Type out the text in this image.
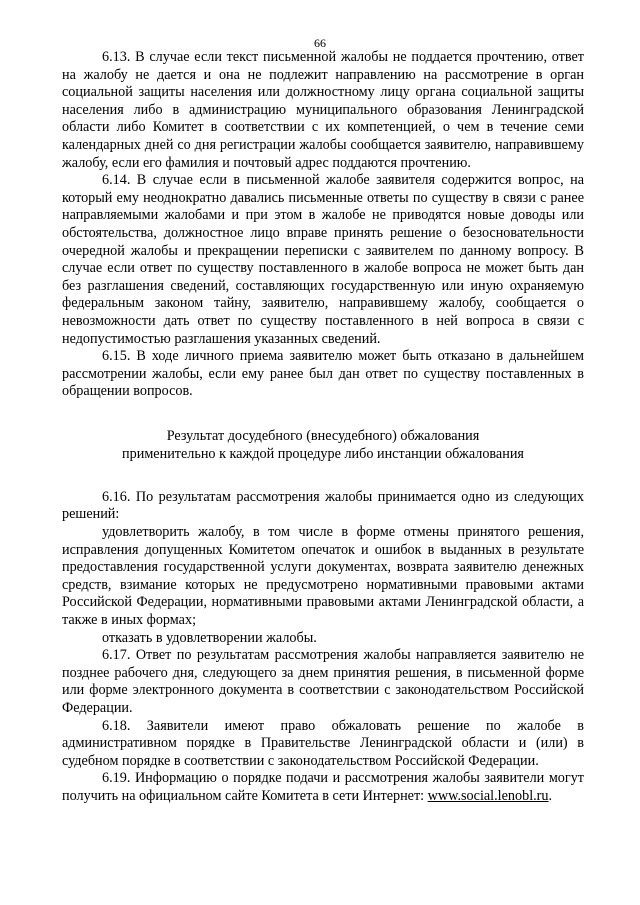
66

6.13. В случае если текст письменной жалобы не поддается прочтению, ответ на жалобу не дается и она не подлежит направлению на рассмотрение в орган социальной защиты населения или должностному лицу органа социальной защиты населения либо в администрацию муниципального образования Ленинградской области либо Комитет в соответствии с их компетенцией, о чем в течение семи календарных дней со дня регистрации жалобы сообщается заявителю, направившему жалобу, если его фамилия и почтовый адрес поддаются прочтению.

6.14. В случае если в письменной жалобе заявителя содержится вопрос, на который ему неоднократно давались письменные ответы по существу в связи с ранее направляемыми жалобами и при этом в жалобе не приводятся новые доводы или обстоятельства, должностное лицо вправе принять решение о безосновательности очередной жалобы и прекращении переписки с заявителем по данному вопросу. В случае если ответ по существу поставленного в жалобе вопроса не может быть дан без разглашения сведений, составляющих государственную или иную охраняемую федеральным законом тайну, заявителю, направившему жалобу, сообщается о невозможности дать ответ по существу поставленного в ней вопроса в связи с недопустимостью разглашения указанных сведений.

6.15. В ходе личного приема заявителю может быть отказано в дальнейшем рассмотрении жалобы, если ему ранее был дан ответ по существу поставленных в обращении вопросов.

Результат досудебного (внесудебного) обжалования

применительно к каждой процедуре либо инстанции обжалования

6.16. По результатам рассмотрения жалобы принимается одно из следующих решений:

удовлетворить жалобу, в том числе в форме отмены принятого решения, исправления допущенных Комитетом опечаток и ошибок в выданных в результате предоставления государственной услуги документах, возврата заявителю денежных средств, взимание которых не предусмотрено нормативными правовыми актами Российской Федерации, нормативными правовыми актами Ленинградской области, а также в иных формах;

отказать в удовлетворении жалобы.

6.17. Ответ по результатам рассмотрения жалобы направляется заявителю не позднее рабочего дня, следующего за днем принятия решения, в письменной форме или форме электронного документа в соответствии с законодательством Российской Федерации.

6.18. Заявители имеют право обжаловать решение по жалобе в административном порядке в Правительстве Ленинградской области и (или) в судебном порядке в соответствии с законодательством Российской Федерации.

6.19. Информацию о порядке подачи и рассмотрения жалобы заявители могут получить на официальном сайте Комитета в сети Интернет: www.social.lenobl.ru.
